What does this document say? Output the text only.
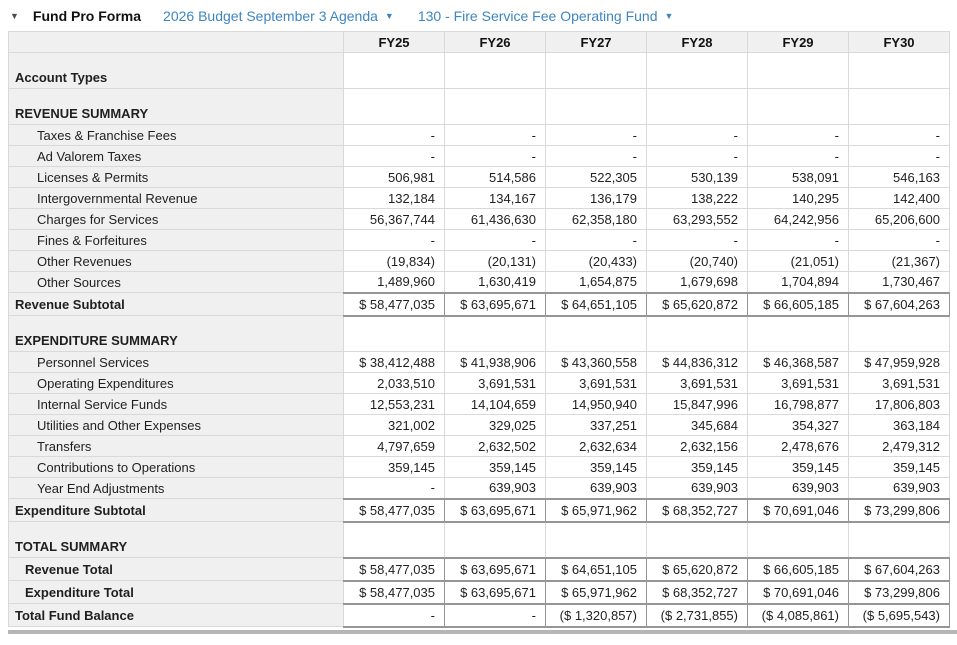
▼ Fund Pro Forma 2026 Budget September 3 Agenda ▼ 130 - Fire Service Fee Operating Fund ▼
	FY25	FY26	FY27	FY28	FY29	FY30
Account Types						
REVENUE SUMMARY						
Taxes & Franchise Fees	-	-	-	-	-	-
Ad Valorem Taxes	-	-	-	-	-	-
Licenses & Permits	506,981	514,586	522,305	530,139	538,091	546,163
Intergovernmental Revenue	132,184	134,167	136,179	138,222	140,295	142,400
Charges for Services	56,367,744	61,436,630	62,358,180	63,293,552	64,242,956	65,206,600
Fines & Forfeitures	-	-	-	-	-	-
Other Revenues	(19,834)	(20,131)	(20,433)	(20,740)	(21,051)	(21,367)
Other Sources	1,489,960	1,630,419	1,654,875	1,679,698	1,704,894	1,730,467
Revenue Subtotal	$ 58,477,035	$ 63,695,671	$ 64,651,105	$ 65,620,872	$ 66,605,185	$ 67,604,263
EXPENDITURE SUMMARY						
Personnel Services	$ 38,412,488	$ 41,938,906	$ 43,360,558	$ 44,836,312	$ 46,368,587	$ 47,959,928
Operating Expenditures	2,033,510	3,691,531	3,691,531	3,691,531	3,691,531	3,691,531
Internal Service Funds	12,553,231	14,104,659	14,950,940	15,847,996	16,798,877	17,806,803
Utilities and Other Expenses	321,002	329,025	337,251	345,684	354,327	363,184
Transfers	4,797,659	2,632,502	2,632,634	2,632,156	2,478,676	2,479,312
Contributions to Operations	359,145	359,145	359,145	359,145	359,145	359,145
Year End Adjustments	-	639,903	639,903	639,903	639,903	639,903
Expenditure Subtotal	$ 58,477,035	$ 63,695,671	$ 65,971,962	$ 68,352,727	$ 70,691,046	$ 73,299,806
TOTAL SUMMARY						
Revenue Total	$ 58,477,035	$ 63,695,671	$ 64,651,105	$ 65,620,872	$ 66,605,185	$ 67,604,263
Expenditure Total	$ 58,477,035	$ 63,695,671	$ 65,971,962	$ 68,352,727	$ 70,691,046	$ 73,299,806
Total Fund Balance	-	-	($ 1,320,857)	($ 2,731,855)	($ 4,085,861)	($ 5,695,543)
